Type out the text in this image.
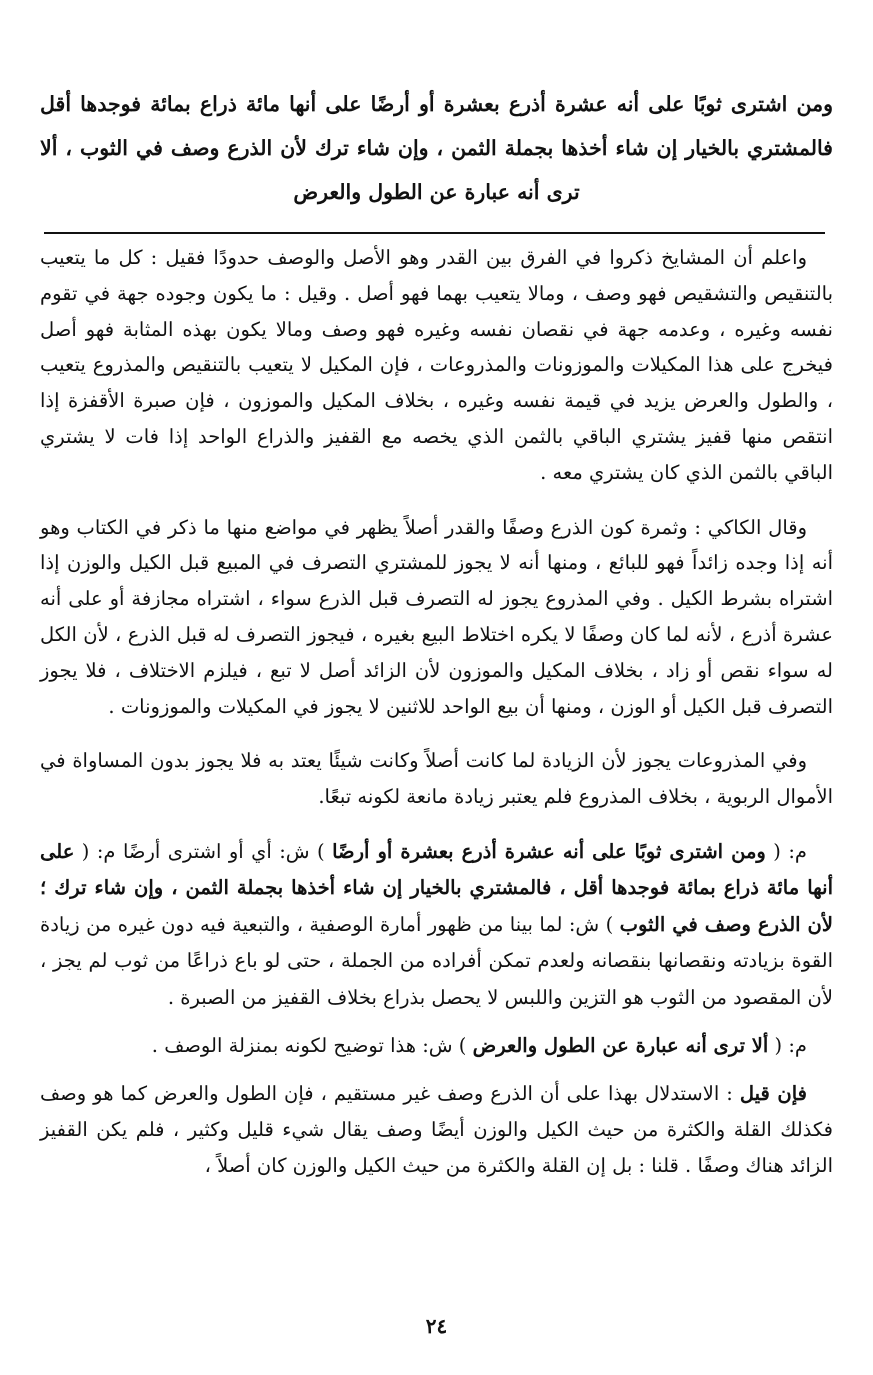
ومن اشترى ثوبًا على أنه عشرة أذرع بعشرة أو أرضًا على أنها مائة ذراع بمائة فوجدها أقل فالمشتري بالخيار إن شاء أخذها بجملة الثمن ، وإن شاء ترك لأن الذرع وصف في الثوب ، ألا ترى أنه عبارة عن الطول والعرض

واعلم أن المشايخ ذكروا في الفرق بين القدر وهو الأصل والوصف حدودًا فقيل : كل ما يتعيب بالتنقيص والتشقيص فهو وصف ، ومالا يتعيب بهما فهو أصل . وقيل : ما يكون وجوده جهة في تقوم نفسه وغيره ، وعدمه جهة في نقصان نفسه وغيره فهو وصف ومالا يكون بهذه المثابة فهو أصل فيخرج على هذا المكيلات والموزونات والمذروعات ، فإن المكيل لا يتعيب بالتنقيص والمذروع يتعيب ، والطول والعرض يزيد في قيمة نفسه وغيره ، بخلاف المكيل والموزون ، فإن صبرة الأقفزة إذا انتقص منها قفيز يشتري الباقي بالثمن الذي يخصه مع القفيز والذراع الواحد إذا فات لا يشتري الباقي بالثمن الذي كان يشتري معه .

وقال الكاكي : وثمرة كون الذرع وصفًا والقدر أصلاً يظهر في مواضع منها ما ذكر في الكتاب وهو أنه إذا وجده زائداً فهو للبائع ، ومنها أنه لا يجوز للمشتري التصرف في المبيع قبل الكيل والوزن إذا اشتراه بشرط الكيل . وفي المذروع يجوز له التصرف قبل الذرع سواء ، اشتراه مجازفة أو على أنه عشرة أذرع ، لأنه لما كان وصفًا لا يكره اختلاط البيع بغيره ، فيجوز التصرف له قبل الذرع ، لأن الكل له سواء نقص أو زاد ، بخلاف المكيل والموزون لأن الزائد أصل لا تبع ، فيلزم الاختلاف ، فلا يجوز التصرف قبل الكيل أو الوزن ، ومنها أن بيع الواحد للاثنين لا يجوز في المكيلات والموزونات .

وفي المذروعات يجوز لأن الزيادة لما كانت أصلاً وكانت شيئًا يعتد به فلا يجوز بدون المساواة في الأموال الربوية ، بخلاف المذروع فلم يعتبر زيادة مانعة لكونه تبعًا.

م: ( ومن اشترى ثوبًا على أنه عشرة أذرع بعشرة أو أرضًا ) ش: أي أو اشترى أرضًا م: ( على أنها مائة ذراع بمائة فوجدها أقل ، فالمشتري بالخيار إن شاء أخذها بجملة الثمن ، وإن شاء ترك ؛ لأن الذرع وصف في الثوب ) ش: لما بينا من ظهور أمارة الوصفية ، والتبعية فيه دون غيره من زيادة القوة بزيادته ونقصانها بنقصانه ولعدم تمكن أفراده من الجملة ، حتى لو باع ذراعًا من ثوب لم يجز ، لأن المقصود من الثوب هو التزين واللبس لا يحصل بذراع بخلاف القفيز من الصبرة .

م: ( ألا ترى أنه عبارة عن الطول والعرض ) ش: هذا توضيح لكونه بمنزلة الوصف .

فإن قيل : الاستدلال بهذا على أن الذرع وصف غير مستقيم ، فإن الطول والعرض كما هو وصف فكذلك القلة والكثرة من حيث الكيل والوزن أيضًا وصف يقال شيء قليل وكثير ، فلم يكن القفيز الزائد هناك وصفًا . قلنا : بل إن القلة والكثرة من حيث الكيل والوزن كان أصلاً ،

٢٤
